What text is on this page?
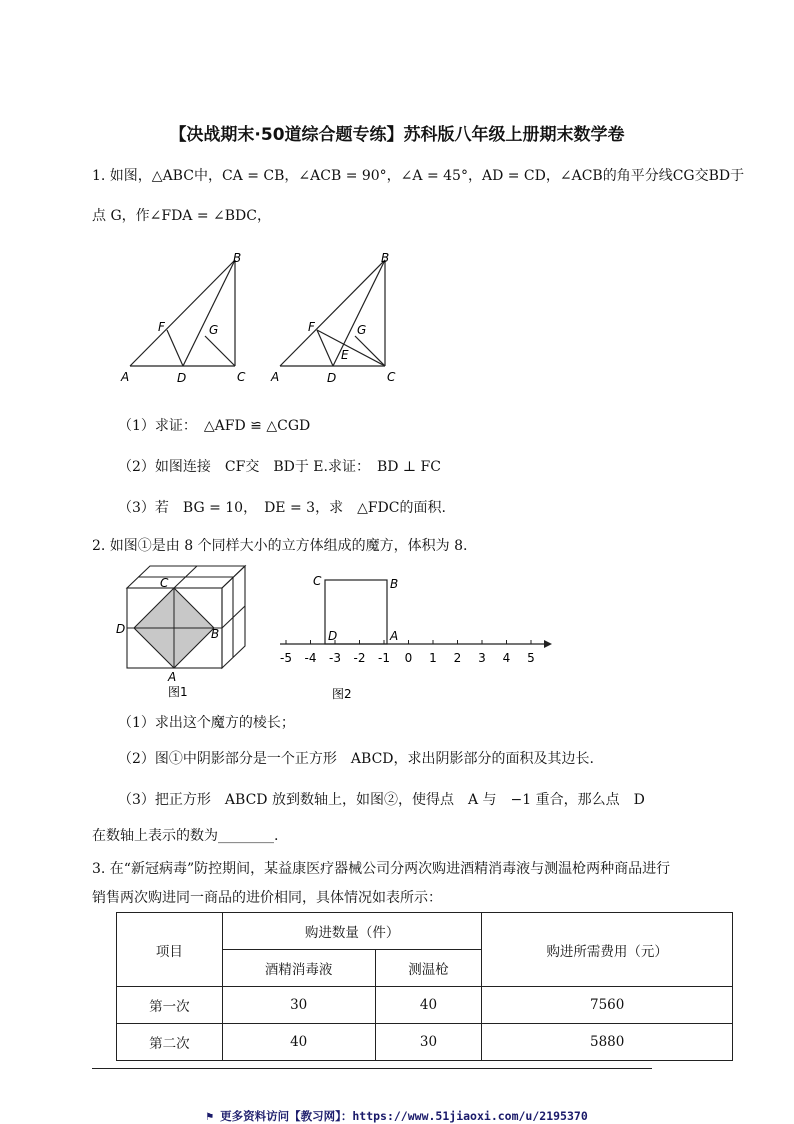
【决战期末·50道综合题专练】苏科版八年级上册期末数学卷
1. 如图，△ABC中，CA = CB，∠ACB = 90°，∠A = 45°，AD = CD，∠ACB的角平分线CG交BD于
点 G，作∠FDA = ∠BDC，
A
B
C
D
F	G
A
B
C
D
F	G
E
（1）求证：　△AFD ≌ △CGD
（2）如图连接　CF交　BD于 E.求证：　BD ⊥ FC
（3）若　BG = 10，　DE = 3，求　△FDC的面积.
2. 如图①是由 8 个同样大小的立方体组成的魔方，体积为 8.
C
D	B
A
图1
C	B
D	A
-5 -4 -3 -2 -1 0 1 2 3 4 5
图2
（1）求出这个魔方的棱长；
（2）图①中阴影部分是一个正方形　ABCD，求出阴影部分的面积及其边长.
（3）把正方形　ABCD 放到数轴上，如图②，使得点　A 与　−1 重合，那么点　D
在数轴上表示的数为________.
3. 在“新冠病毒”防控期间，某益康医疗器械公司分两次购进酒精消毒液与测温枪两种商品进行
销售两次购进同一商品的进价相同，具体情况如表所示：
项目	购进数量（件）		购进所需费用（元）
	酒精消毒液	测温枪	
第一次	30	40	7560
第二次	40	30	5880
⚑ 更多资料访问【教习网】：https://www.51jiaoxi.com/u/2195370
